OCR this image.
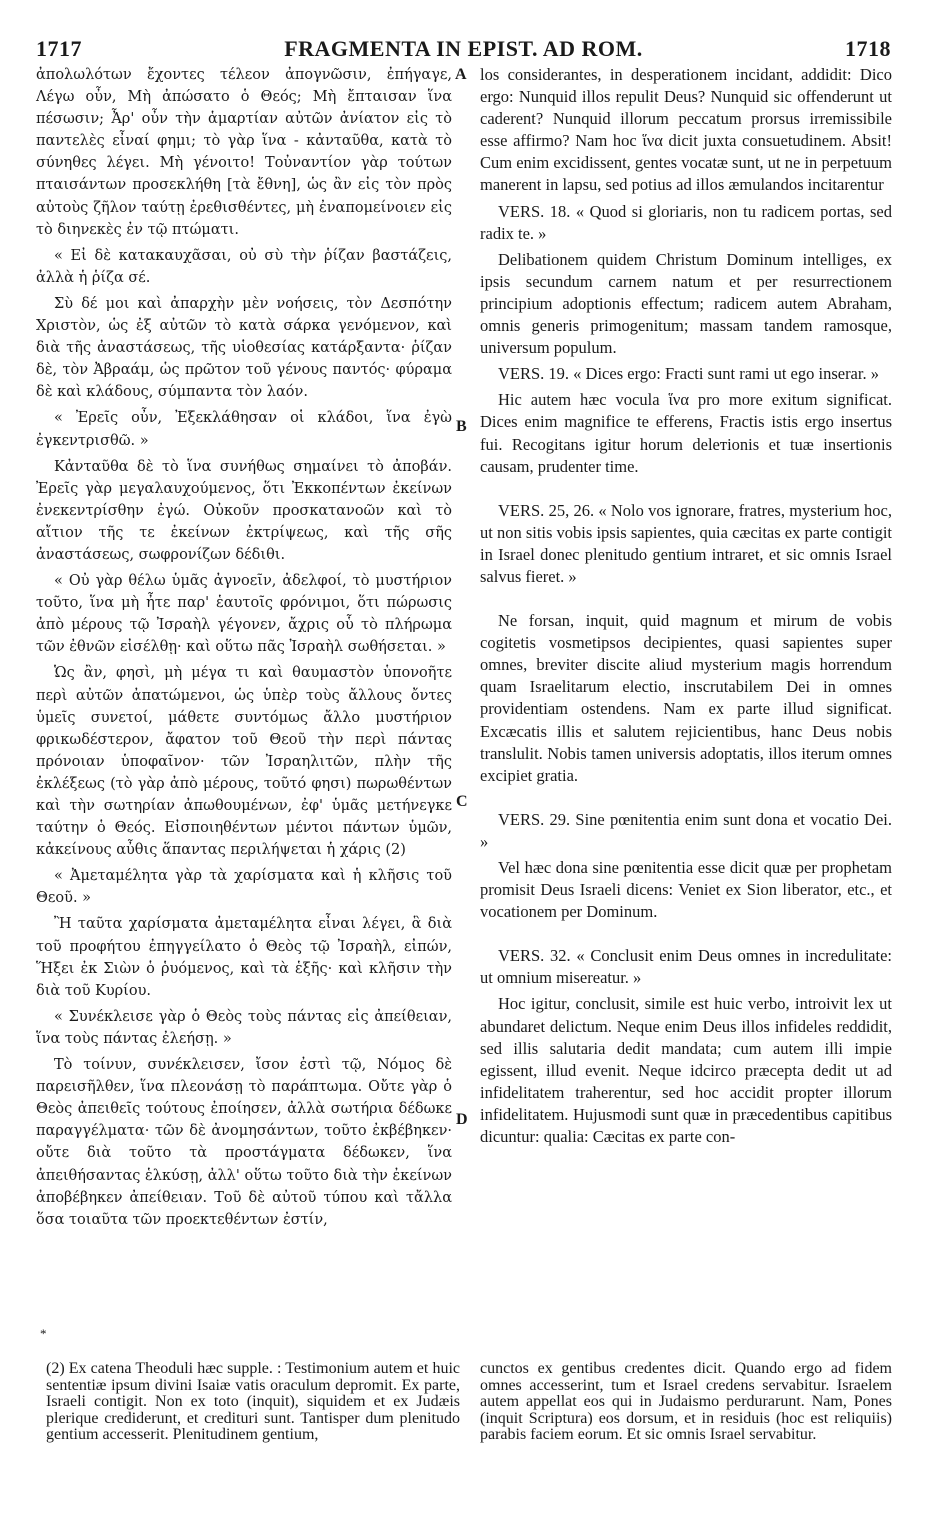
1717	FRAGMENTA IN EPIST. AD ROM.	1718

ἀπολωλότων ἔχοντες τέλεον ἀπογνῶσιν, ἐπήγαγε, Λέγω οὖν, Μὴ ἀπώσατο ὁ Θεός; Μὴ ἔπταισαν ἵνα πέσωσιν; Ἆρ' οὖν τὴν ἁμαρτίαν αὐτῶν ἀνίατον εἰς τὸ παντελὲς εἶναί φημι; τὸ γὰρ ἵνα - κἀνταῦθα, κατὰ τὸ σύνηθες λέγει. Μὴ γένοιτο! Τοὐναντίον γὰρ τούτων πταισάντων προσεκλήθη [τὰ ἔθνη], ὡς ἂν εἰς τὸν πρὸς αὐτοὺς ζῆλον ταύτῃ ἐρεθισθέντες, μὴ ἐναπομείνοιεν εἰς τὸ διηνεκὲς ἐν τῷ πτώματι.

« Εἰ δὲ κατακαυχᾶσαι, οὐ σὺ τὴν ῥίζαν βαστάζεις, ἀλλὰ ἡ ῥίζα σέ.

Σὺ δέ μοι καὶ ἀπαρχὴν μὲν νοήσεις, τὸν Δεσπότην Χριστὸν, ὡς ἐξ αὐτῶν τὸ κατὰ σάρκα γενόμενον, καὶ διὰ τῆς ἀναστάσεως, τῆς υἱοθεσίας κατάρξαντα· ῥίζαν δὲ, τὸν Ἀβραάμ, ὡς πρῶτον τοῦ γένους παντός· φύραμα δὲ καὶ κλάδους, σύμπαντα τὸν λαόν.

« Ἐρεῖς οὖν, Ἐξεκλάθησαν οἱ κλάδοι, ἵνα ἐγὼ ἐγκεντρισθῶ. »

Κἀνταῦθα δὲ τὸ ἵνα συνήθως σημαίνει τὸ ἀποβάν. Ἐρεῖς γὰρ μεγαλαυχούμενος, ὅτι Ἐκκοπέντων ἐκείνων ἐνεκεντρίσθην ἐγώ. Οὐκοῦν προσκατανοῶν καὶ τὸ αἴτιον τῆς τε ἐκείνων ἐκτρίψεως, καὶ τῆς σῆς ἀναστάσεως, σωφρονίζων δέδιθι.

« Οὐ γὰρ θέλω ὑμᾶς ἀγνοεῖν, ἀδελφοί, τὸ μυστήριον τοῦτο, ἵνα μὴ ἦτε παρ' ἑαυτοῖς φρόνιμοι, ὅτι πώρωσις ἀπὸ μέρους τῷ Ἰσραὴλ γέγονεν, ἄχρις οὗ τὸ πλήρωμα τῶν ἐθνῶν εἰσέλθῃ· καὶ οὕτω πᾶς Ἰσραὴλ σωθήσεται. »

Ὡς ἂν, φησὶ, μὴ μέγα τι καὶ θαυμαστὸν ὑπονοῆτε περὶ αὐτῶν ἀπατώμενοι, ὡς ὑπὲρ τοὺς ἄλλους ὄντες ὑμεῖς συνετοί, μάθετε συντόμως ἄλλο μυστήριον φρικωδέστερον, ἄφατον τοῦ Θεοῦ τὴν περὶ πάντας πρόνοιαν ὑποφαῖνον· τῶν Ἰσραηλιτῶν, πλὴν τῆς ἐκλέξεως (τὸ γὰρ ἀπὸ μέρους, τοῦτό φησι) πωρωθέντων καὶ τὴν σωτηρίαν ἀπωθουμένων, ἐφ' ὑμᾶς μετήνεγκε ταύτην ὁ Θεός. Εἰσποιηθέντων μέντοι πάντων ὑμῶν, κἀκείνους αὖθις ἅπαντας περιλήψεται ἡ χάρις (2)

« Ἀμεταμέλητα γὰρ τὰ χαρίσματα καὶ ἡ κλῆσις τοῦ Θεοῦ. »

Ἢ ταῦτα χαρίσματα ἀμεταμέλητα εἶναι λέγει, ἃ διὰ τοῦ προφήτου ἐπηγγείλατο ὁ Θεὸς τῷ Ἰσραὴλ, εἰπών, Ἥξει ἐκ Σιὼν ὁ ῥυόμενος, καὶ τὰ ἑξῆς· καὶ κλῆσιν τὴν διὰ τοῦ Κυρίου.

« Συνέκλεισε γὰρ ὁ Θεὸς τοὺς πάντας εἰς ἀπείθειαν, ἵνα τοὺς πάντας ἐλεήσῃ. »

Τὸ τοίνυν, συνέκλεισεν, ἴσον ἐστὶ τῷ, Νόμος δὲ παρεισῆλθεν, ἵνα πλεονάσῃ τὸ παράπτωμα. Οὔτε γὰρ ὁ Θεὸς ἀπειθεῖς τούτους ἐποίησεν, ἀλλὰ σωτήρια δέδωκε παραγγέλματα· τῶν δὲ ἀνομησάντων, τοῦτο ἐκβέβηκεν· οὔτε διὰ τοῦτο τὰ προστάγματα δέδωκεν, ἵνα ἀπειθήσαντας ἑλκύσῃ, ἀλλ' οὕτω τοῦτο διὰ τὴν ἐκείνων ἀποβέβηκεν ἀπείθειαν. Τοῦ δὲ αὐτοῦ τύπου καὶ τἄλλα ὅσα τοιαῦτα τῶν προεκτεθέντων ἐστίν,

los considerantes, in desperationem incidant, addidit: Dico ergo: Nunquid illos repulit Deus? Nunquid sic offenderunt ut caderent? Nunquid illorum peccatum prorsus irremissibile esse affirmo? Nam hoc ἵνα dicit juxta consuetudinem. Absit! Cum enim excidissent, gentes vocatæ sunt, ut ne in perpetuum manerent in lapsu, sed potius ad illos æmulandos incitarentur

VERS. 18. « Quod si gloriaris, non tu radicem portas, sed radix te. »

Delibationem quidem Christum Dominum intelliges, ex ipsis secundum carnem natum et per resurrectionem principium adoptionis effectum; radicem autem Abraham, omnis generis primogenitum; massam tandem ramosque, universum populum.

VERS. 19. « Dices ergo: Fracti sunt rami ut ego inserar. »

Hic autem hæc vocula ἵνα pro more exitum significat. Dices enim magnifice te efferens, Fractis istis ergo insertus fui. Recogitans igitur horum delетionis et tuæ insertionis causam, prudenter time.

VERS. 25, 26. « Nolo vos ignorare, fratres, mysterium hoc, ut non sitis vobis ipsis sapientes, quia cæcitas ex parte contigit in Israel donec plenitudo gentium intraret, et sic omnis Israel salvus fieret. »

Ne forsan, inquit, quid magnum et mirum de vobis cogitetis vosmetipsos decipientes, quasi sapientes super omnes, breviter discite aliud mysterium magis horrendum quam Israelitarum electio, inscrutabilem Dei in omnes providentiam ostendens. Nam ex parte illud significat. Excæcatis illis et salutem rejicientibus, hanc Deus nobis translulit. Nobis tamen universis adoptatis, illos iterum omnes excipiet gratia.

VERS. 29. Sine pœnitentia enim sunt dona et vocatio Dei. »

Vel hæc dona sine pœnitentia esse dicit quæ per prophetam promisit Deus Israeli dicens: Veniet ex Sion liberator, etc., et vocationem per Dominum.

VERS. 32. « Conclusit enim Deus omnes in incredulitate: ut omnium misereatur. »

Hoc igitur, conclusit, simile est huic verbo, introivit lex ut abundaret delictum. Neque enim Deus illos infideles reddidit, sed illis salutaria dedit mandata; cum autem illi impie egissent, illud evenit. Neque idcirco præcepta dedit ut ad infidelitatem traherentur, sed hoc accidit propter illorum infidelitatem. Hujusmodi sunt quæ in præcedentibus capitibus dicuntur: qualia: Cæcitas ex parte con-

A
B
C
D
*

(2) Ex catena Theoduli hæc supple. : Testimonium autem et huic sententiæ ipsum divini Isaiæ vatis oraculum depromit. Ex parte, Israeli contigit. Non ex toto (inquit), siquidem et ex Judæis plerique crediderunt, et crediturі sunt. Tantisper dum plenitudo gentium accesserit. Plenitudinem gentium,

cunctos ex gentibus credentes dicit. Quando ergo ad fidem omnes accesserint, tum et Israel credens servabitur. Israelem autem appellat eos qui in Judaismo perdurarunt. Nam, Pones (inquit Scriptura) eos dorsum, et in residuis (hoc est reliquiis) parabis faciem eorum. Et sic omnis Israel servabitur.
